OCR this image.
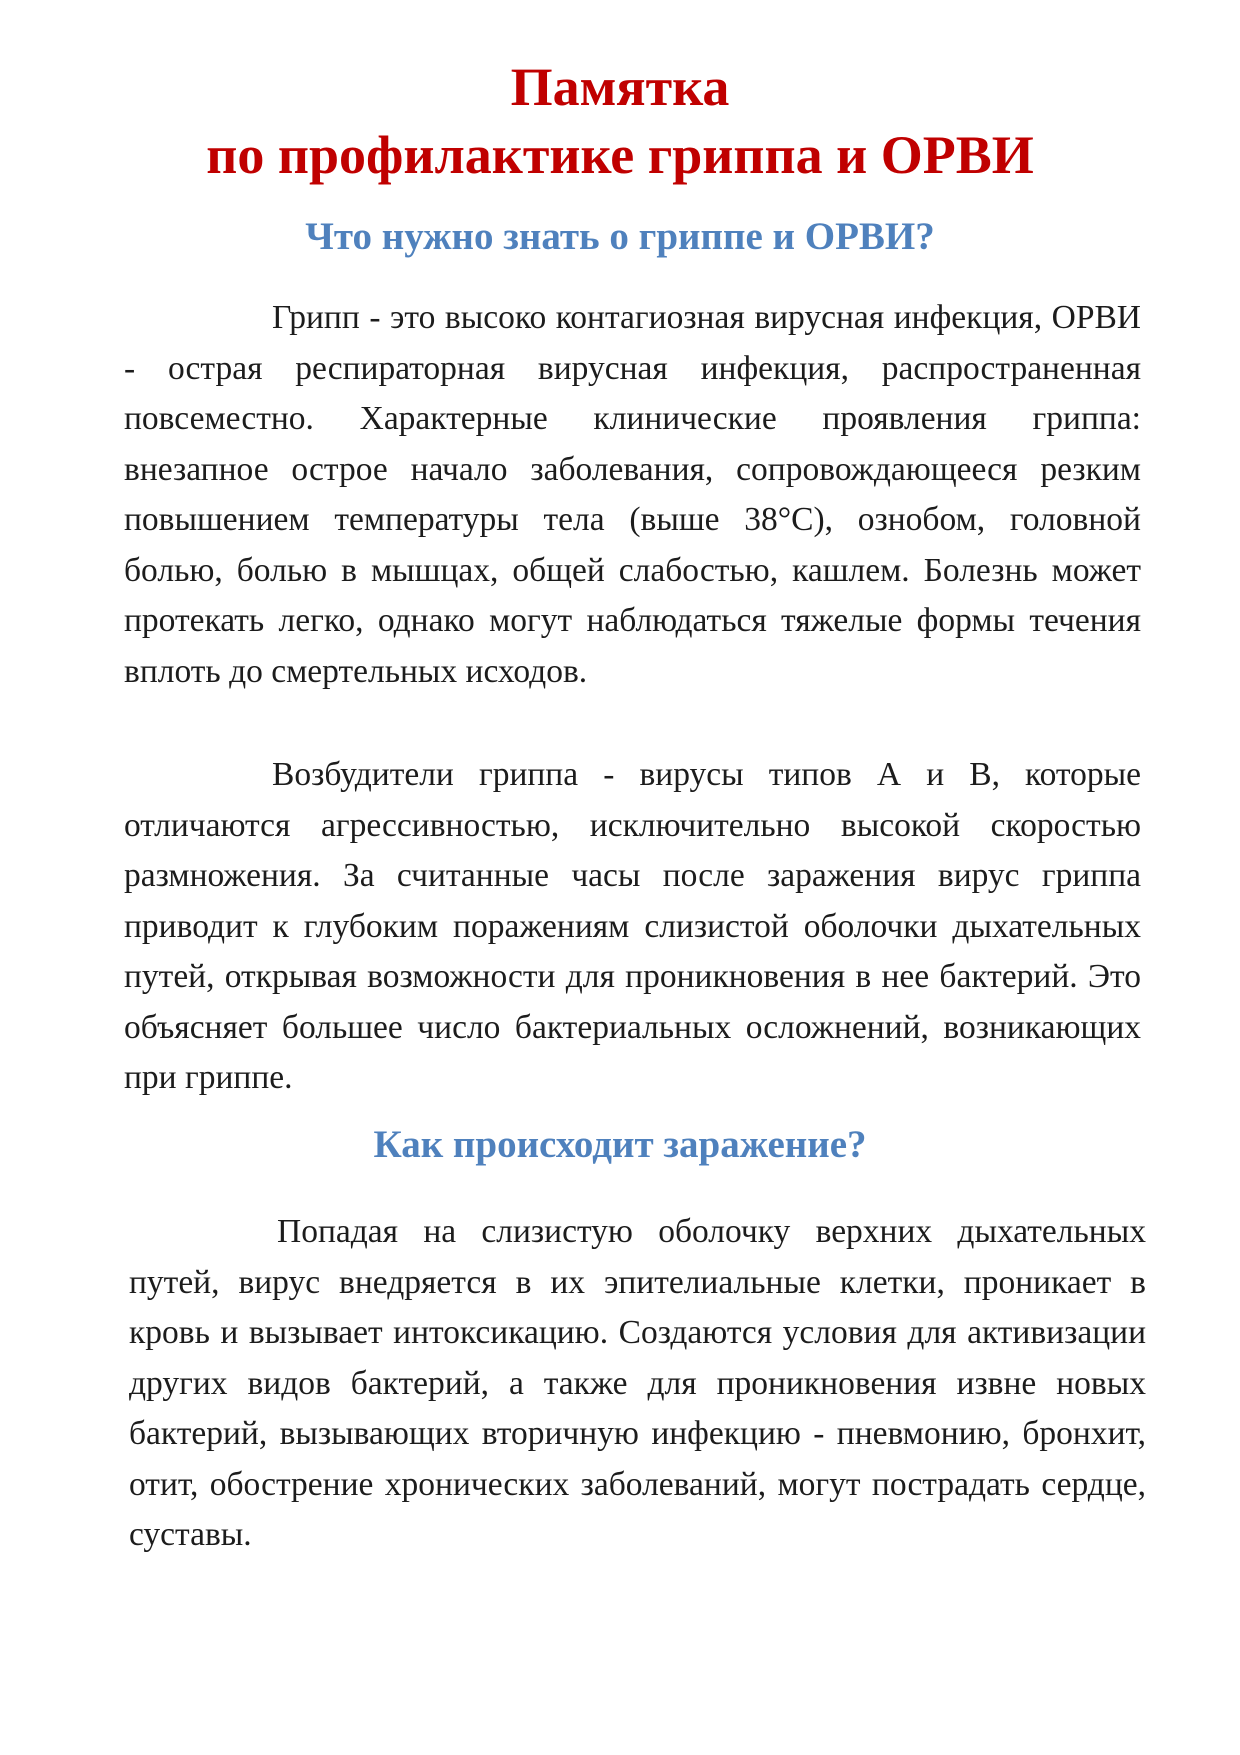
Памятка
по профилактике гриппа и ОРВИ
Что нужно знать о гриппе и ОРВИ?

Грипп - это высоко контагиозная вирусная инфекция, ОРВИ - острая респираторная вирусная инфекция, распространенная повсеместно. Характерные клинические проявления гриппа: внезапное острое начало заболевания, сопровождающееся резким повышением температуры тела (выше 38°С), ознобом, головной болью, болью в мышцах, общей слабостью, кашлем. Болезнь может протекать легко, однако могут наблюдаться тяжелые формы течения вплоть до смертельных исходов.

Возбудители гриппа - вирусы типов А и В, которые отличаются агрессивностью, исключительно высокой скоростью размножения. За считанные часы после заражения вирус гриппа приводит к глубоким поражениям слизистой оболочки дыхательных путей, открывая возможности для проникновения в нее бактерий. Это объясняет большее число бактериальных осложнений, возникающих при гриппе.

Как происходит заражение?

Попадая на слизистую оболочку верхних дыхательных путей, вирус внедряется в их эпителиальные клетки, проникает в кровь и вызывает интоксикацию. Создаются условия для активизации других видов бактерий, а также для проникновения извне новых бактерий, вызывающих вторичную инфекцию - пневмонию, бронхит, отит, обострение хронических заболеваний, могут пострадать сердце, суставы.
